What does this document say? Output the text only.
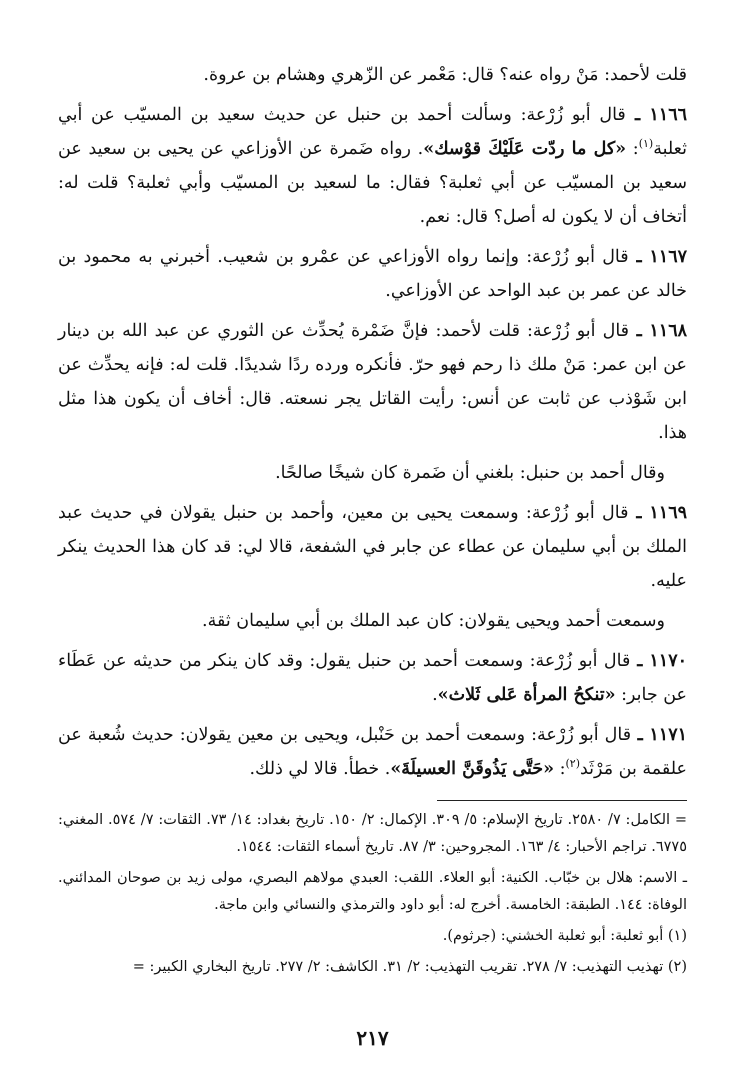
قلت لأحمد: مَنْ رواه عنه؟ قال: مَعْمر عن الزّهري وهشام بن عروة.

١١٦٦ ـ قال أبو زُرْعة: وسألت أحمد بن حنبل عن حديث سعيد بن المسيّب عن أبي ثعلبة$^{(١)}$: «كل ما ردّت عَلَيْكَ قوْسك». رواه ضَمرة عن الأوزاعي عن يحيى بن سعيد عن سعيد بن المسيّب عن أبي ثعلبة؟ فقال: ما لسعيد بن المسيّب وأبي ثعلبة؟ قلت له: أتخاف أن لا يكون له أصل؟ قال: نعم.

١١٦٧ ـ قال أبو زُرْعة: وإنما رواه الأوزاعي عن عمْرو بن شعيب. أخبرني به محمود بن خالد عن عمر بن عبد الواحد عن الأوزاعي.

١١٦٨ ـ قال أبو زُرْعة: قلت لأحمد: فإنَّ ضَمْرة يُحدِّث عن الثوري عن عبد الله بن دينار عن ابن عمر: مَنْ ملك ذا رحم فهو حرّ. فأنكره ورده ردًا شديدًا. قلت له: فإنه يحدِّث عن ابن شَوْذب عن ثابت عن أنس: رأيت القاتل يجر نسعته. قال: أخاف أن يكون هذا مثل هذا.

وقال أحمد بن حنبل: بلغني أن ضَمرة كان شيخًا صالحًا.

١١٦٩ ـ قال أبو زُرْعة: وسمعت يحيى بن معين، وأحمد بن حنبل يقولان في حديث عبد الملك بن أبي سليمان عن عطاء عن جابر في الشفعة، قالا لي: قد كان هذا الحديث ينكر عليه.

وسمعت أحمد ويحيى يقولان: كان عبد الملك بن أبي سليمان ثقة.

١١٧٠ ـ قال أبو زُرْعة: وسمعت أحمد بن حنبل يقول: وقد كان ينكر من حديثه عن عَطَاء عن جابر: «تنكحُ المرأة عَلى ثَلاث».

١١٧١ ـ قال أبو زُرْعة: وسمعت أحمد بن حَنْبل، ويحيى بن معين يقولان: حديث شُعبة عن علقمة بن مَرْثَد$^{(٢)}$: «حَتَّى يَذُوقَنَّ العسيلَةَ». خطأ. قالا لي ذلك.

= الكامل: ٧/ ٢٥٨٠. تاريخ الإسلام: ٥/ ٣٠٩. الإكمال: ٢/ ١٥٠. تاريخ بغداد: ١٤/ ٧٣. الثقات: ٧/ ٥٧٤. المغني: ٦٧٧٥. تراجم الأحبار: ٤/ ١٦٣. المجروحين: ٣/ ٨٧. تاريخ أسماء الثقات: ١٥٤٤.

ـ الاسم: هلال بن خبّاب. الكنية: أبو العلاء. اللقب: العبدي مولاهم البصري، مولى زيد بن صوحان المدائني. الوفاة: ١٤٤. الطبقة: الخامسة. أخرج له: أبو داود والترمذي والنسائي وابن ماجة.

(١) أبو ثعلبة: أبو ثعلبة الخشني: (جرثوم).

(٢) تهذيب التهذيب: ٧/ ٢٧٨. تقريب التهذيب: ٢/ ٣١. الكاشف: ٢/ ٢٧٧. تاريخ البخاري الكبير: =

٢١٧
